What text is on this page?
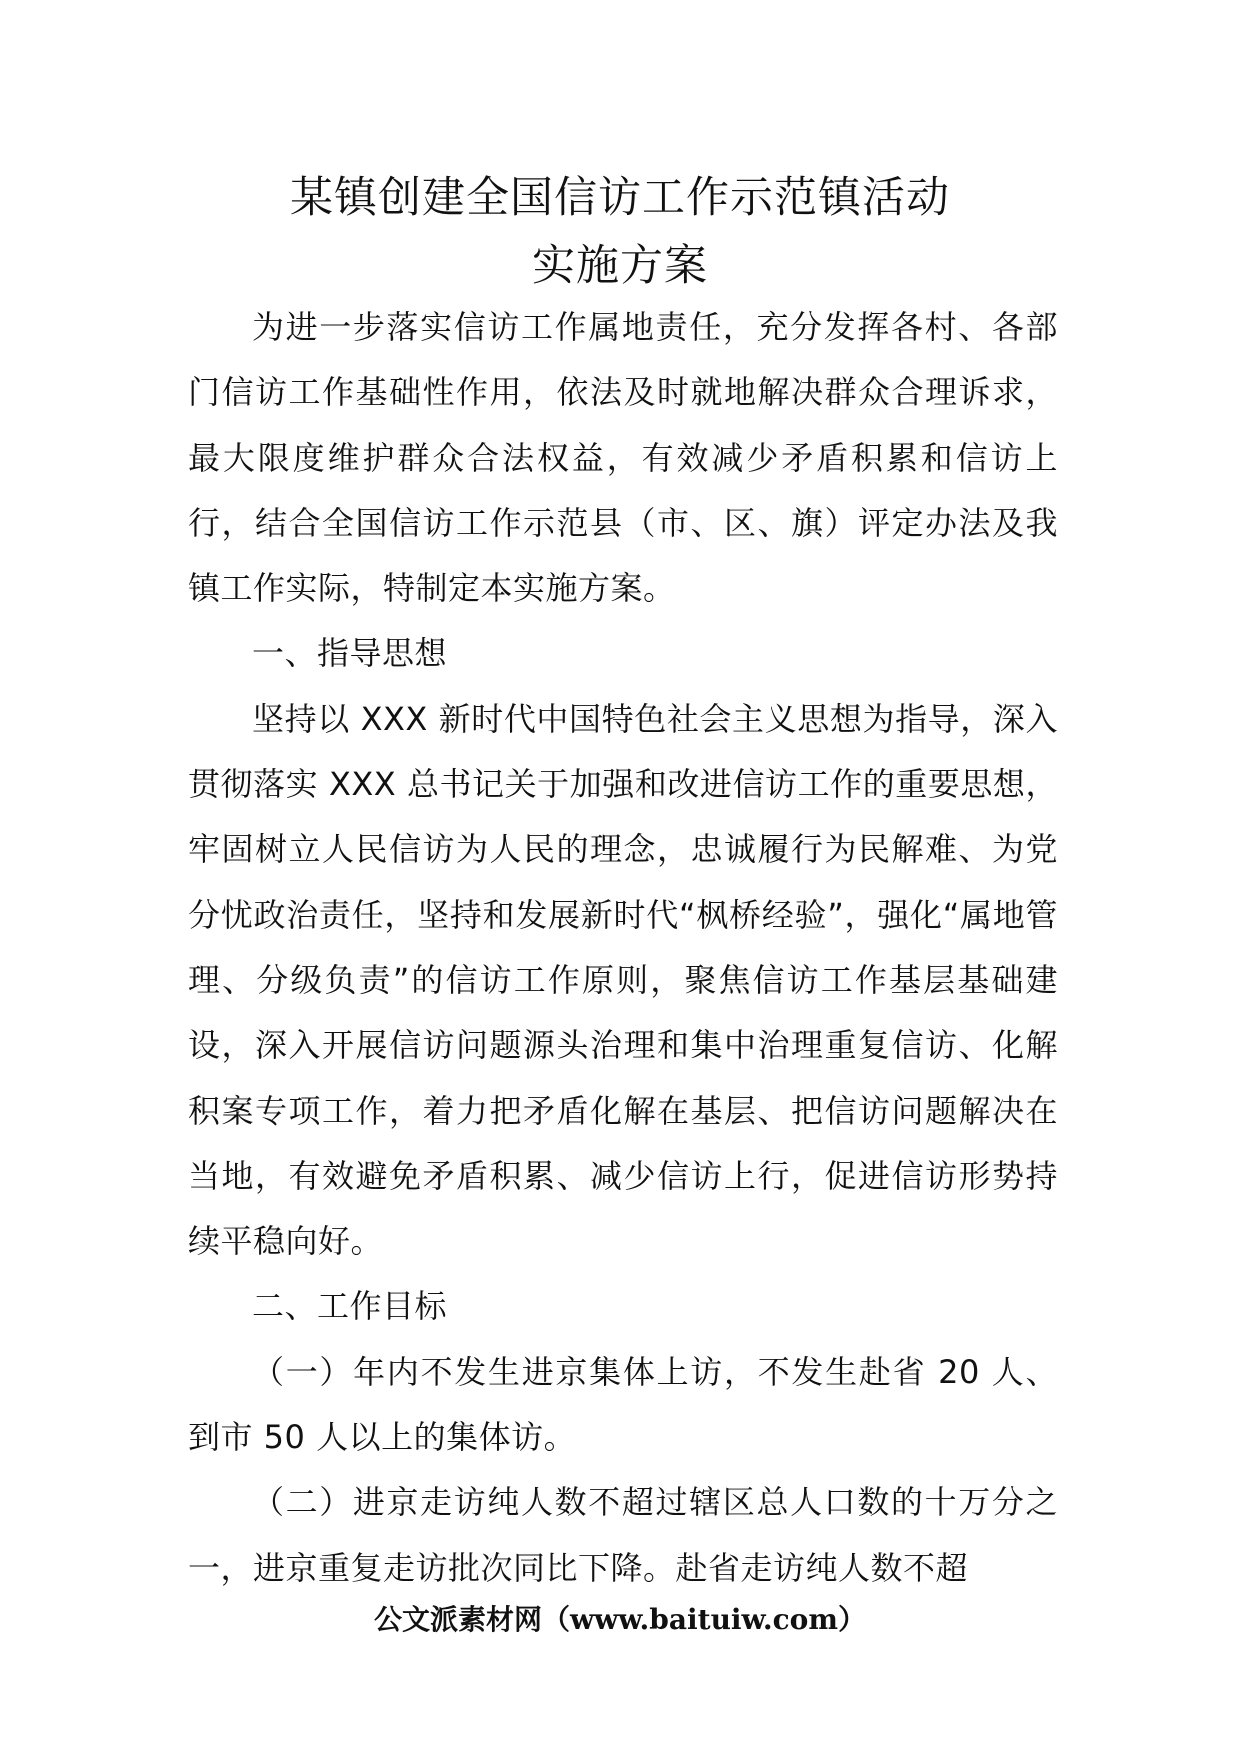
某镇创建全国信访工作示范镇活动
实施方案

为进一步落实信访工作属地责任，充分发挥各村、各部门信访工作基础性作用，依法及时就地解决群众合理诉求，最大限度维护群众合法权益，有效减少矛盾积累和信访上行，结合全国信访工作示范县（市、区、旗）评定办法及我镇工作实际，特制定本实施方案。

一、指导思想

坚持以 XXX 新时代中国特色社会主义思想为指导，深入贯彻落实 XXX 总书记关于加强和改进信访工作的重要思想，牢固树立人民信访为人民的理念，忠诚履行为民解难、为党分忧政治责任，坚持和发展新时代“枫桥经验”，强化“属地管理、分级负责”的信访工作原则，聚焦信访工作基层基础建设，深入开展信访问题源头治理和集中治理重复信访、化解积案专项工作，着力把矛盾化解在基层、把信访问题解决在当地，有效避免矛盾积累、减少信访上行，促进信访形势持续平稳向好。

二、工作目标

（一）年内不发生进京集体上访，不发生赴省 20 人、到市 50 人以上的集体访。

（二）进京走访纯人数不超过辖区总人口数的十万分之一，进京重复走访批次同比下降。赴省走访纯人数不超

公文派素材网（www.baituiw.com）
